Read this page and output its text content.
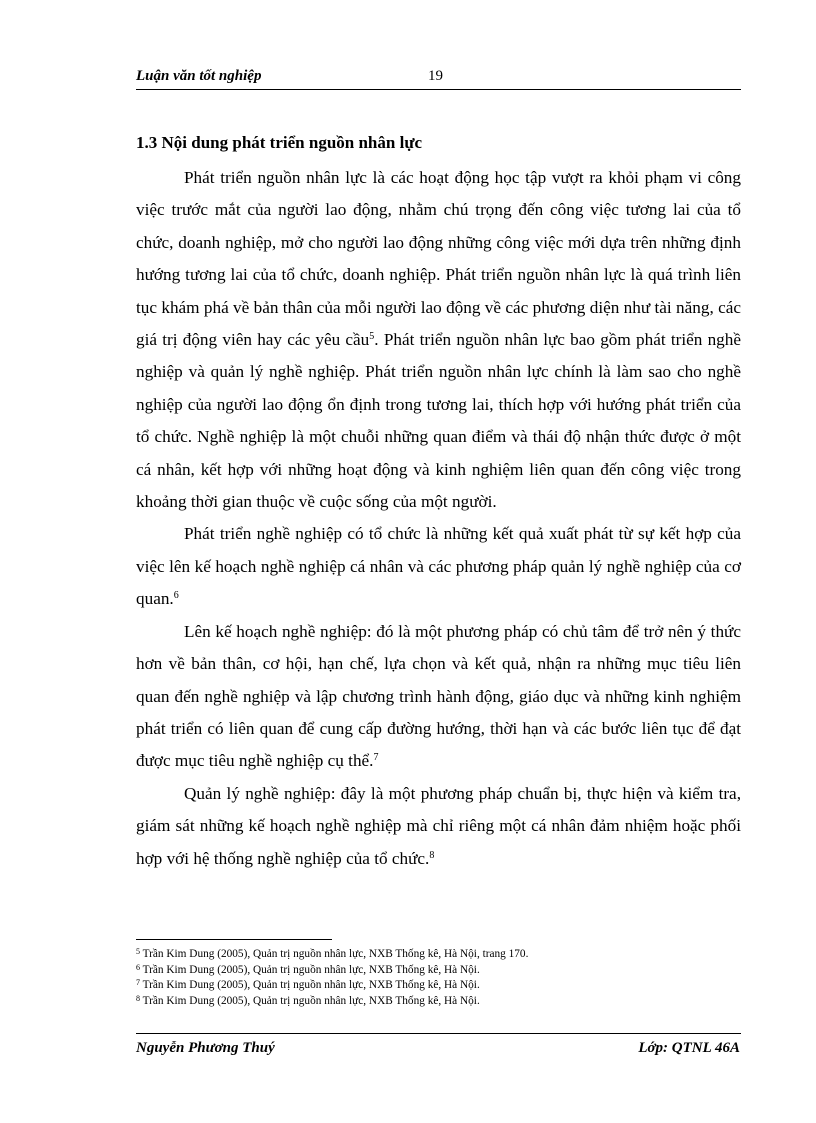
Luận văn tốt nghiệp	19
1.3 Nội dung phát triển nguồn nhân lực

Phát triển nguồn nhân lực là các hoạt động học tập vượt ra khỏi phạm vi công việc trước mắt của người lao động, nhằm chú trọng đến công việc tương lai của tổ chức, doanh nghiệp, mở cho người lao động những công việc mới dựa trên những định hướng tương lai của tổ chức, doanh nghiệp. Phát triển nguồn nhân lực là quá trình liên tục khám phá về bản thân của mỗi người lao động về các phương diện như tài năng, các giá trị động viên hay các yêu cầu$^5$. Phát triển nguồn nhân lực bao gồm phát triển nghề nghiệp và quản lý nghề nghiệp. Phát triển nguồn nhân lực chính là làm sao cho nghề nghiệp của người lao động ổn định trong tương lai, thích hợp với hướng phát triển của tổ chức. Nghề nghiệp là một chuỗi những quan điểm và thái độ nhận thức được ở một cá nhân, kết hợp với những hoạt động và kinh nghiệm liên quan đến công việc trong khoảng thời gian thuộc về cuộc sống của một người.

Phát triển nghề nghiệp có tổ chức là những kết quả xuất phát từ sự kết hợp của việc lên kế hoạch nghề nghiệp cá nhân và các phương pháp quản lý nghề nghiệp của cơ quan.$^6$

Lên kế hoạch nghề nghiệp: đó là một phương pháp có chủ tâm để trở nên ý thức hơn về bản thân, cơ hội, hạn chế, lựa chọn và kết quả, nhận ra những mục tiêu liên quan đến nghề nghiệp và lập chương trình hành động, giáo dục và những kinh nghiệm phát triển có liên quan để cung cấp đường hướng, thời hạn và các bước liên tục để đạt được mục tiêu nghề nghiệp cụ thể.$^7$

Quản lý nghề nghiệp: đây là một phương pháp chuẩn bị, thực hiện và kiểm tra, giám sát những kế hoạch nghề nghiệp mà chỉ riêng một cá nhân đảm nhiệm hoặc phối hợp với hệ thống nghề nghiệp của tổ chức.$^8$

$^5$ Trần Kim Dung (2005), Quản trị nguồn nhân lực, NXB Thống kê, Hà Nội, trang 170.
$^6$ Trần Kim Dung (2005), Quản trị nguồn nhân lực, NXB Thống kê, Hà Nội.
$^7$ Trần Kim Dung (2005), Quản trị nguồn nhân lực, NXB Thống kê, Hà Nội.
$^8$ Trần Kim Dung (2005), Quản trị nguồn nhân lực, NXB Thống kê, Hà Nội.
Nguyễn Phương Thuý	Lớp: QTNL 46A
